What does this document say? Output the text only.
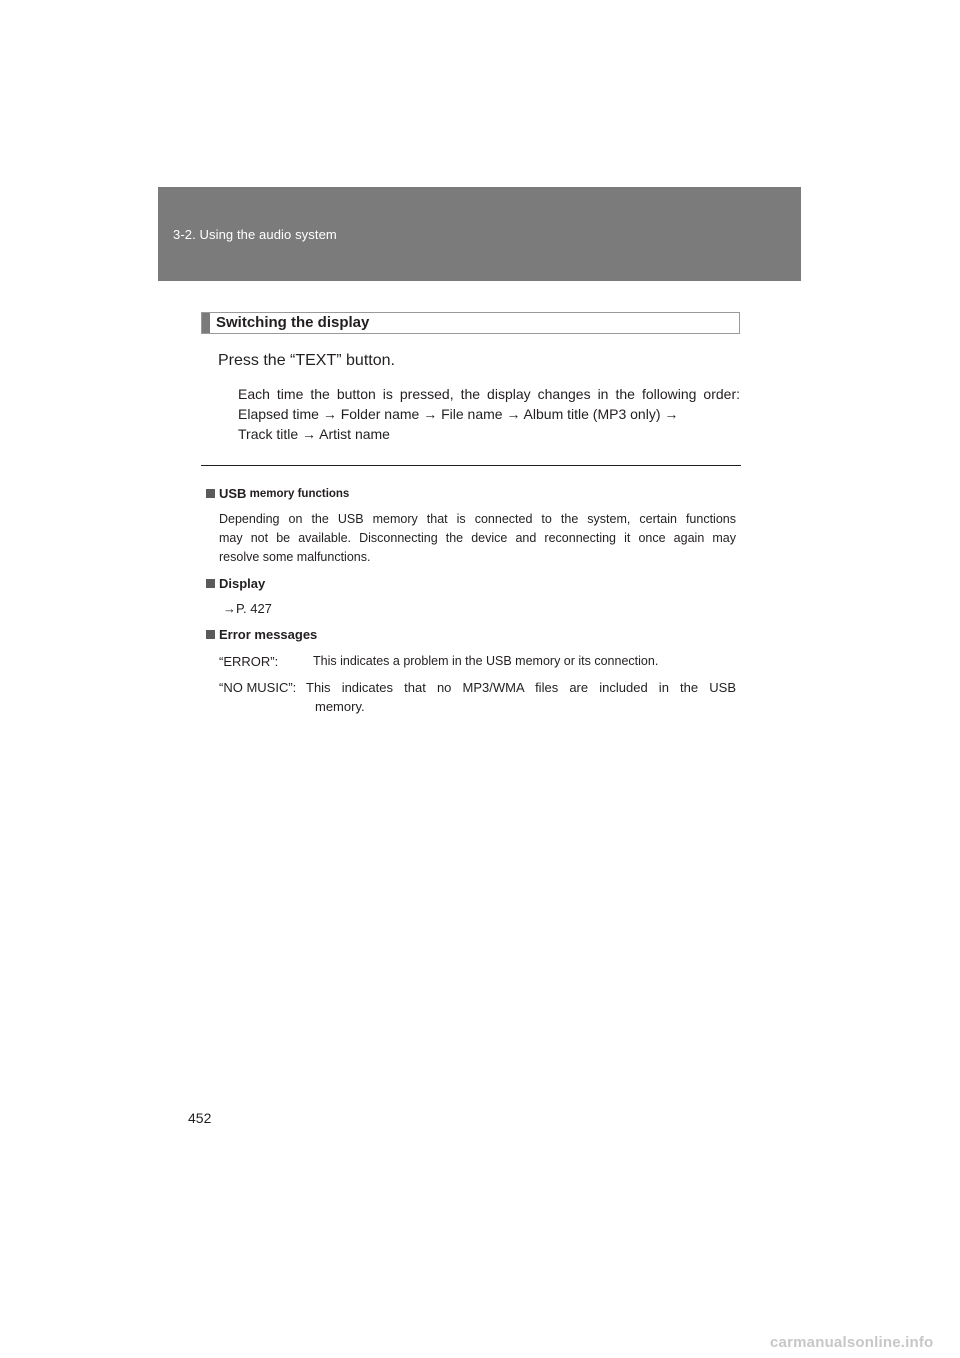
3-2. Using the audio system
Switching the display
Press the “TEXT” button.
Each time the button is pressed, the display changes in the following order:
Elapsed time → Folder name → File name → Album title (MP3 only) →
Track title → Artist name
USB memory functions
Depending on the USB memory that is connected to the system, certain functions
may not be available. Disconnecting the device and reconnecting it once again may
resolve some malfunctions.
Display
→P. 427
Error messages
“ERROR”:	This indicates a problem in the USB memory or its connection.
“NO MUSIC”: This indicates that no MP3/WMA files are included in the USB
memory.
452
carmanualsonline.info
